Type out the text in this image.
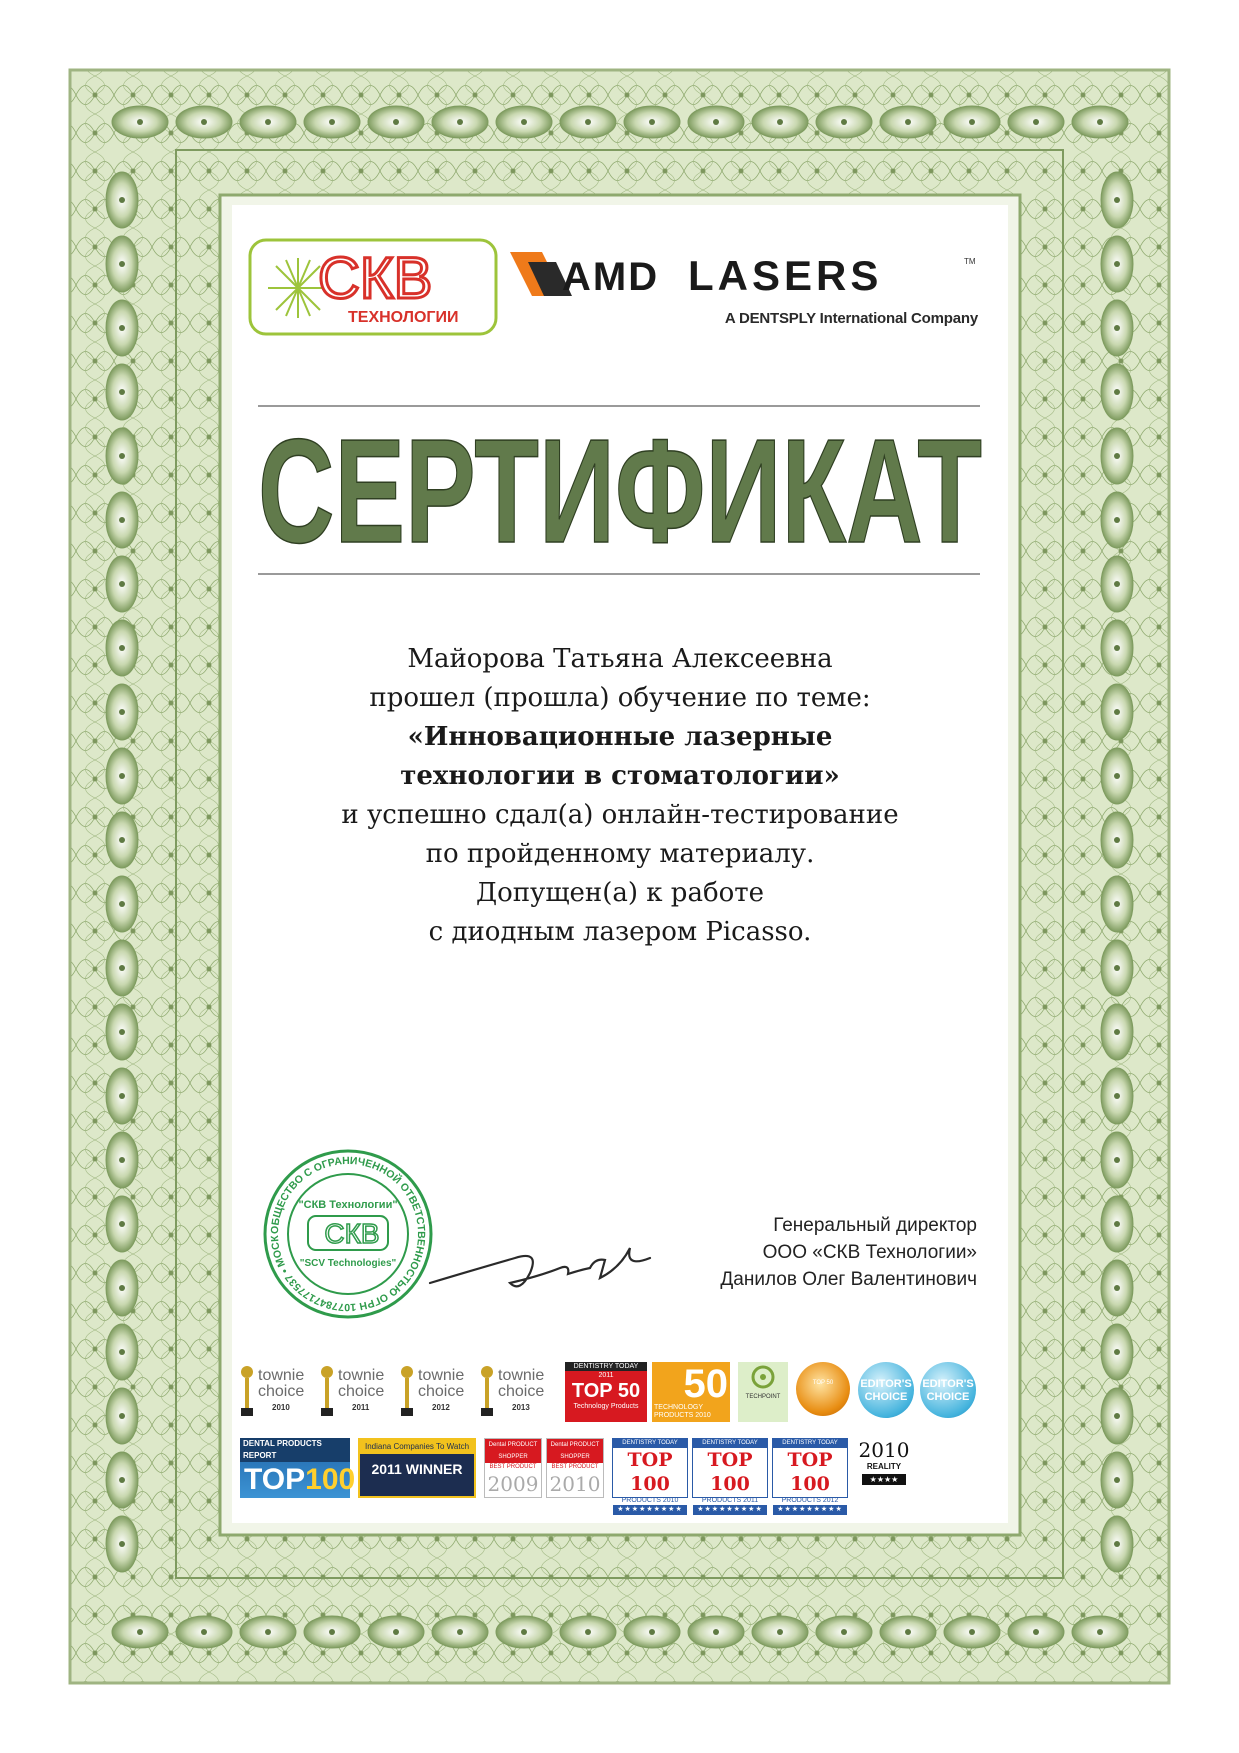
СКВ
ТЕХНОЛОГИИ
AMD LASERS	TM
A DENTSPLY International Company
СЕРТИФИКАТ
Майорова Татьяна Алексеевна
прошел (прошла) обучение по теме:
«Инновационные лазерные
технологии в стоматологии»
и успешно сдал(а) онлайн-тестирование
по пройденному материалу.
Допущен(а) к работе
с диодным лазером Picasso.
ОБЩЕСТВО С ОГРАНИЧЕННОЙ ОТВЕТСТВЕННОСТЬЮ ОГРН 1077847177537 • МОСК
"СКВ Технологии"
СКВ
"SCV Technologies"
Генеральный директор
ООО «СКВ Технологии»
Данилов Олег Валентинович
townie
choice
2010
townie
choice
2011
townie
choice
2012
townie
choice
2013
DENTISTRY TODAY
2011
TOP 50
Technology Products
50
TECHNOLOGY PRODUCTS 2010
TECHPOINT
TOP 50	EDITOR'S CHOICE
EDITOR'S CHOICE
DENTAL PRODUCTS REPORT
TOP100
Indiana Companies To Watch
2011 WINNER
Dental PRODUCT SHOPPER
BEST PRODUCT
2009
Dental PRODUCT SHOPPER
BEST PRODUCT
2010
DENTISTRY TODAY
TOP 100
PRODUCTS 2010
★★★★★★★★★
DENTISTRY TODAY
TOP 100
PRODUCTS 2011
★★★★★★★★★
DENTISTRY TODAY
TOP 100
PRODUCTS 2012
★★★★★★★★★
2010
REALITY
★★★★
